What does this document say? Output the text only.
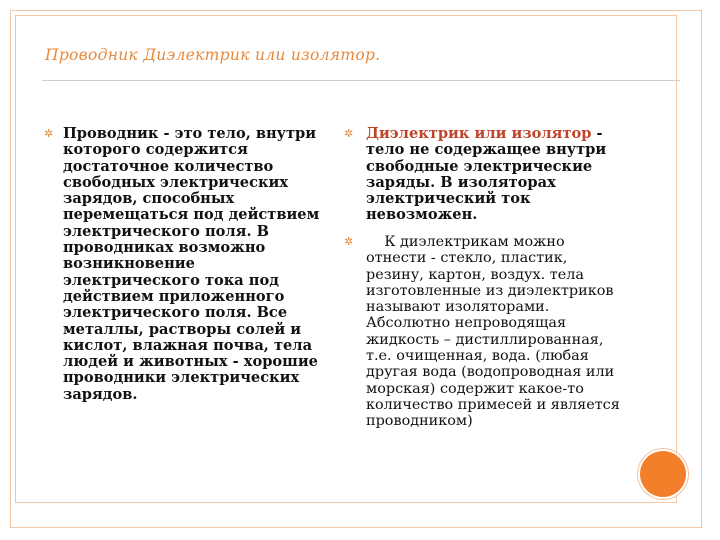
Проводник Диэлектрик или изолятор.
✲ Проводник - это тело, внутри которого содержится достаточное количество свободных электрических зарядов, способных перемещаться под действием электрического поля. В проводниках возможно возникновение электрического тока под действием приложенного электрического поля. Все металлы, растворы солей и кислот, влажная почва, тела людей и животных - хорошие проводники электрических зарядов.
✲ Диэлектрик или изолятор - тело не содержащее внутри свободные электрические заряды. В изоляторах электрический ток невозможен.
✲ К диэлектрикам можно отнести - стекло, пластик, резину, картон, воздух. тела изготовленные из диэлектриков называют изоляторами. Абсолютно непроводящая жидкость – дистиллированная, т.е. очищенная, вода. (любая другая вода (водопроводная или морская) содержит какое-то количество примесей и является проводником)
